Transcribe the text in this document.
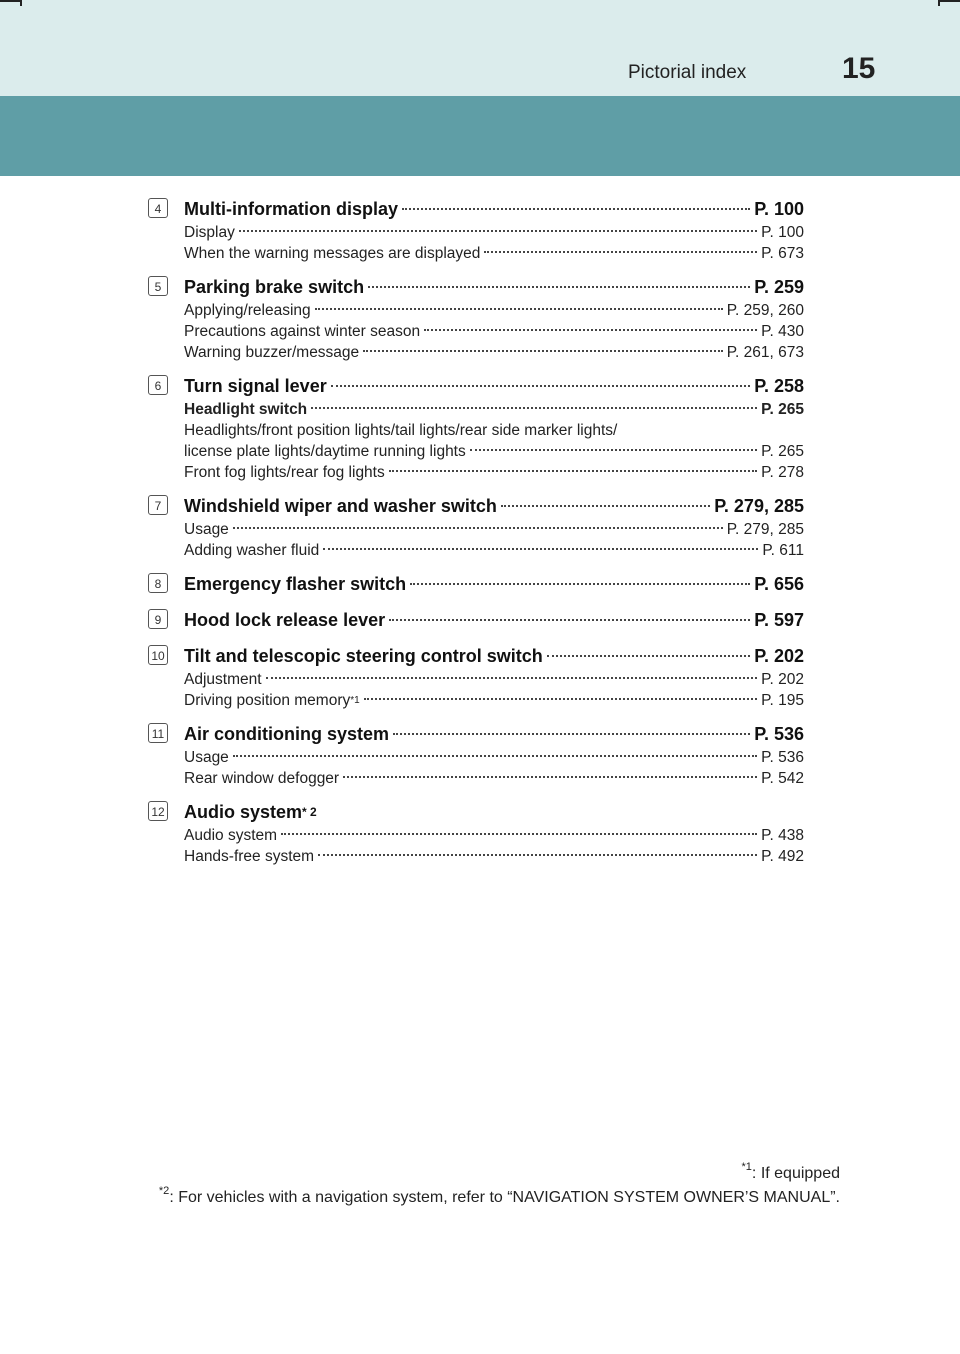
Pictorial index	15
4	Multi-information display	P. 100
Display	P. 100
When the warning messages are displayed	P. 673
5	Parking brake switch	P. 259
Applying/releasing	P. 259, 260
Precautions against winter season	P. 430
Warning buzzer/message	P. 261, 673
6	Turn signal lever	P. 258
Headlight switch	P. 265
Headlights/front position lights/tail lights/rear side marker lights/
license plate lights/daytime running lights	P. 265
Front fog lights/rear fog lights	P. 278
7	Windshield wiper and washer switch	P. 279, 285
Usage	P. 279, 285
Adding washer fluid	P. 611
8	Emergency flasher switch	P. 656
9	Hood lock release lever	P. 597
10 Tilt and telescopic steering control switch	P. 202
Adjustment	P. 202
Driving position memory$^{*1}$	P. 195
11 Air conditioning system	P. 536
Usage	P. 536
Rear window defogger	P. 542
12 Audio system$^{* 2}$
Audio system	P. 438
Hands-free system	P. 492
$^{*1}$: If equipped
$^{*2}$: For vehicles with a navigation system, refer to “NAVIGATION SYSTEM OWNER’S MANUAL”.
